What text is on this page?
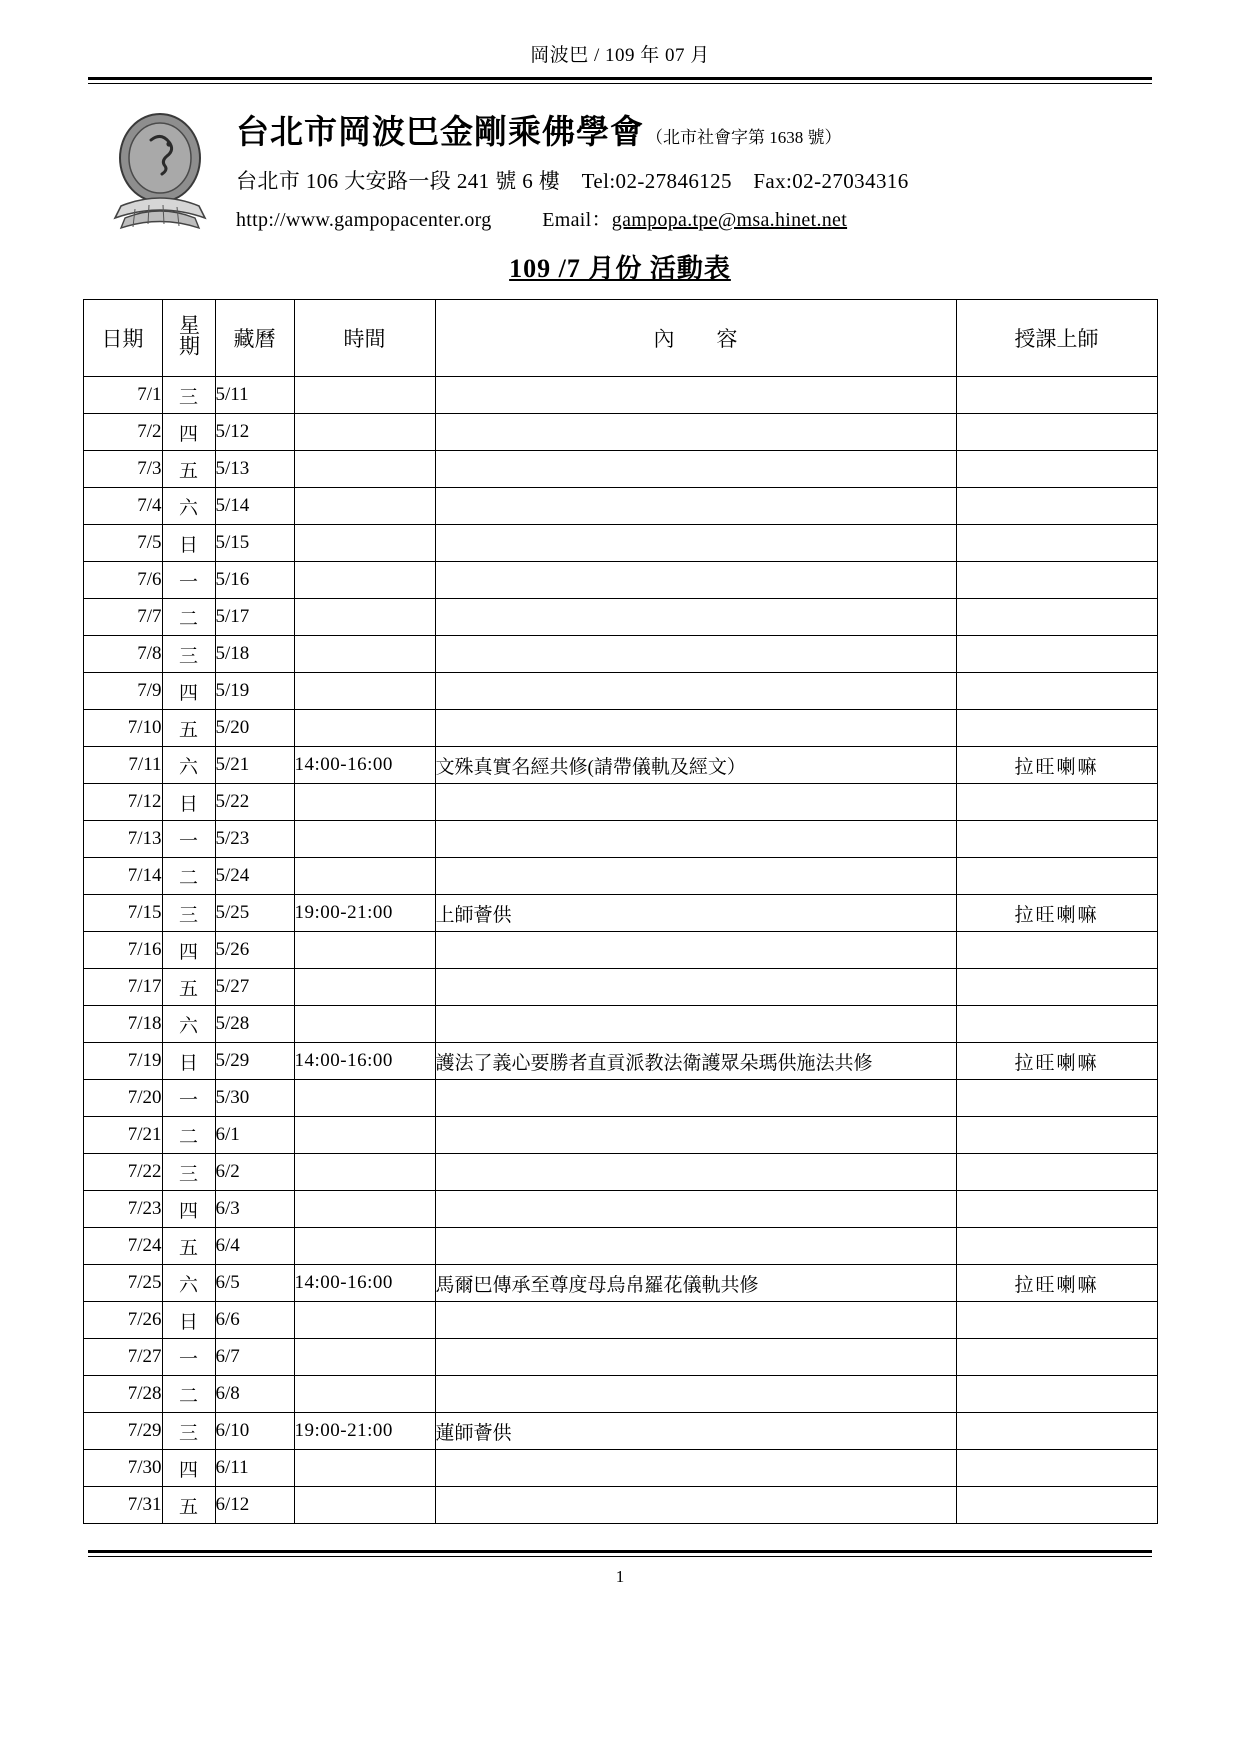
岡波巴 / 109 年 07 月
台北市岡波巴金剛乘佛學會 （北市社會字第 1638 號）
台北市 106 大安路一段 241 號 6 樓　Tel:02-27846125　Fax:02-27034316
http://www.gampopacenter.org	Email：gampopa.tpe@msa.hinet.net
109 /7 月份 活動表
日期	星期	藏曆	時間	內　　容	授課上師
7/1	三	5/11			
7/2	四	5/12			
7/3	五	5/13			
7/4	六	5/14			
7/5	日	5/15			
7/6	一	5/16			
7/7	二	5/17			
7/8	三	5/18			
7/9	四	5/19			
7/10	五	5/20			
7/11	六	5/21	14:00-16:00	文殊真實名經共修(請帶儀軌及經文）	拉旺喇嘛
7/12	日	5/22			
7/13	一	5/23			
7/14	二	5/24			
7/15	三	5/25	19:00-21:00	上師薈供	拉旺喇嘛
7/16	四	5/26			
7/17	五	5/27			
7/18	六	5/28			
7/19	日	5/29	14:00-16:00	護法了義心要勝者直貢派教法衛護眾朵瑪供施法共修	拉旺喇嘛
7/20	一	5/30			
7/21	二	6/1			
7/22	三	6/2			
7/23	四	6/3			
7/24	五	6/4			
7/25	六	6/5	14:00-16:00	馬爾巴傳承至尊度母烏帛羅花儀軌共修	拉旺喇嘛
7/26	日	6/6			
7/27	一	6/7			
7/28	二	6/8			
7/29	三	6/10	19:00-21:00	蓮師薈供	
7/30	四	6/11			
7/31	五	6/12			
1
